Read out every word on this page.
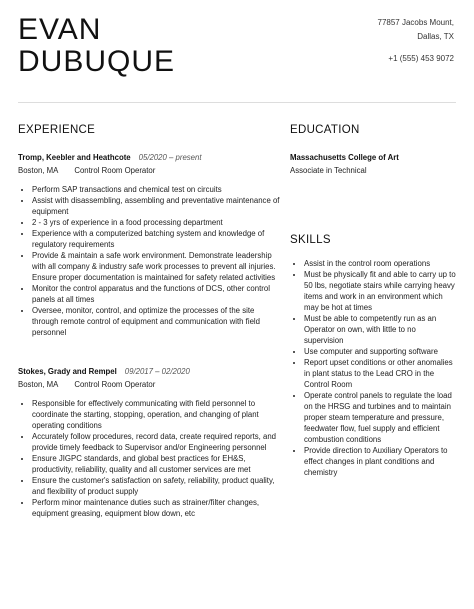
EVAN
DUBUQUE
77857 Jacobs Mount,
Dallas, TX
+1 (555) 453 9072
EXPERIENCE

Tromp, Keebler and Heathcote 05/2020 – present

Boston, MA Control Room Operator

• Perform SAP transactions and chemical test on circuits
• Assist with disassembling, assembling and preventative maintenance of equipment
• 2 - 3 yrs of experience in a food processing department
• Experience with a computerized batching system and knowledge of regulatory requirements
• Provide & maintain a safe work environment. Demonstrate leadership with all company & industry safe work processes to prevent all injuries. Ensure proper documentation is maintained for safety related activities
• Monitor the control apparatus and the functions of DCS, other control panels at all times
• Oversee, monitor, control, and optimize the processes of the site through remote control of equipment and communication with field personnel

Stokes, Grady and Rempel 09/2017 – 02/2020

Boston, MA Control Room Operator

• Responsible for effectively communicating with field personnel to coordinate the starting, stopping, operation, and changing of plant operating conditions
• Accurately follow procedures, record data, create required reports, and provide timely feedback to Supervisor and/or Engineering personnel
• Ensure JIGPC standards, and global best practices for EH&S, productivity, reliability, quality and all customer services are met
• Ensure the customer's satisfaction on safety, reliability, product quality, and flexibility of product supply
• Perform minor maintenance duties such as strainer/filter changes, equipment greasing, equipment blow down, etc
EDUCATION

Massachusetts College of Art

Associate in Technical

SKILLS
• Assist in the control room operations
• Must be physically fit and able to carry up to 50 lbs, negotiate stairs while carrying heavy items and work in an environment which may be hot at times
• Must be able to competently run as an Operator on own, with little to no supervision
• Use computer and supporting software
• Report upset conditions or other anomalies in plant status to the Lead CRO in the Control Room
• Operate control panels to regulate the load on the HRSG and turbines and to maintain proper steam temperature and pressure, feedwater flow, fuel supply and efficient combustion conditions
• Provide direction to Auxiliary Operators to effect changes in plant conditions and chemistry
